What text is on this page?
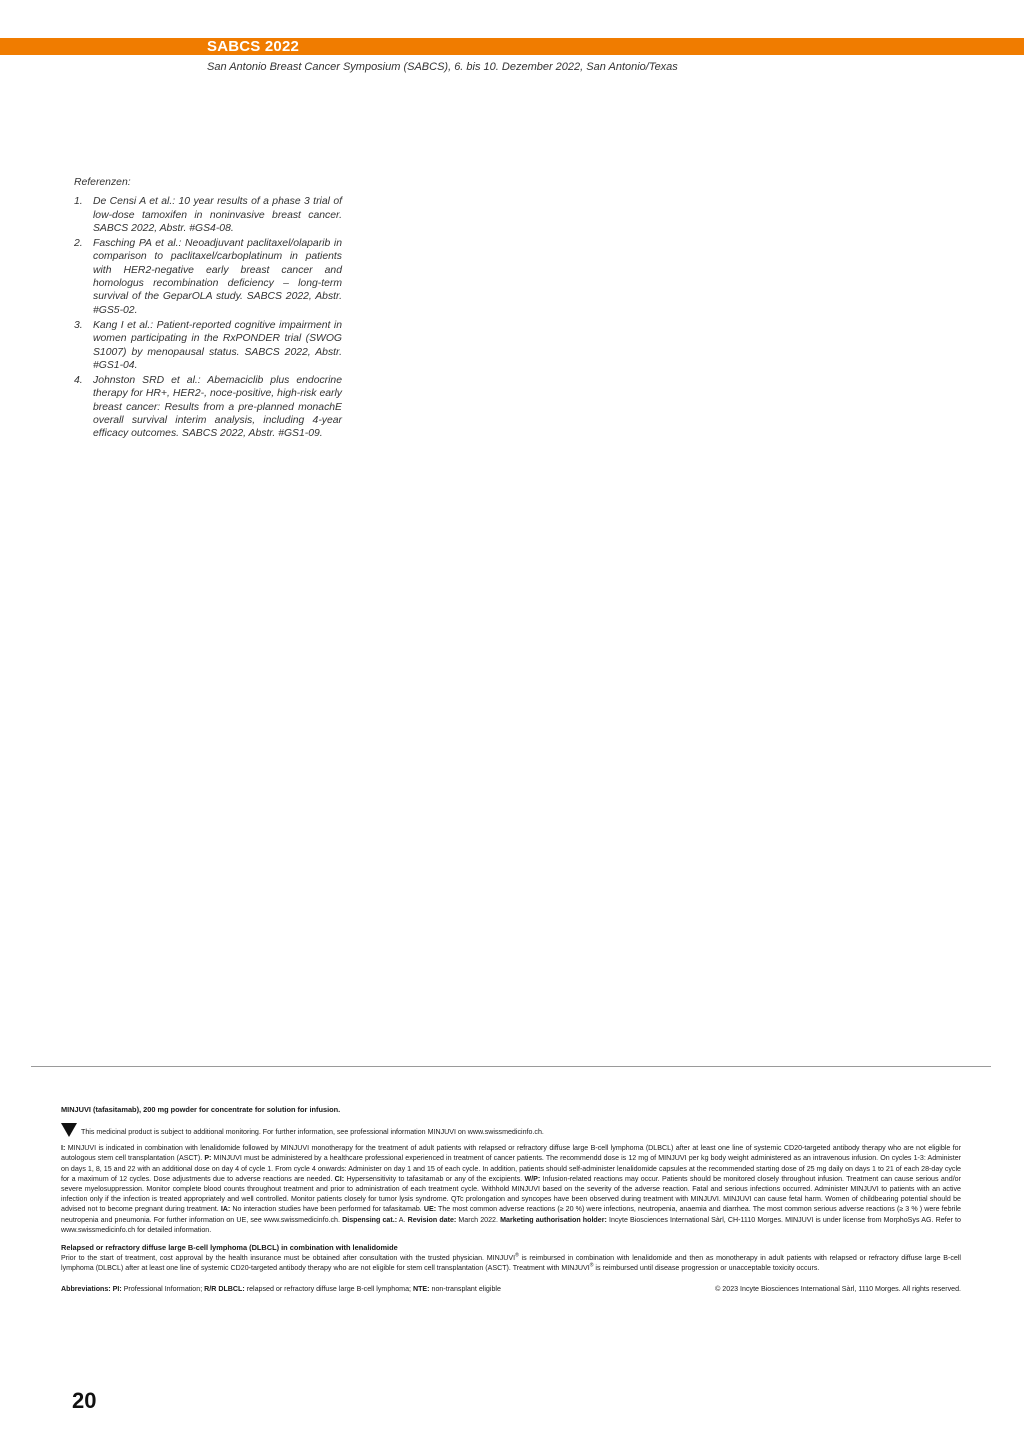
SABCS 2022
San Antonio Breast Cancer Symposium (SABCS), 6. bis 10. Dezember 2022, San Antonio/Texas

Referenzen:

1. De Censi A et al.: 10 year results of a phase 3 trial of low-dose tamoxifen in noninvasive breast cancer. SABCS 2022, Abstr. #GS4-08.
2. Fasching PA et al.: Neoadjuvant paclitaxel/olaparib in comparison to paclitaxel/carboplatinum in patients with HER2-negative early breast cancer and homologus recombination deficiency – long-term survival of the GeparOLA study. SABCS 2022, Abstr. #GS5-02.
3. Kang I et al.: Patient-reported cognitive impairment in women participating in the RxPONDER trial (SWOG S1007) by menopausal status. SABCS 2022, Abstr. #GS1-04.
4. Johnston SRD et al.: Abemaciclib plus endocrine therapy for HR+, HER2-, noce-positive, high-risk early breast cancer: Results from a pre-planned monachE overall survival interim analysis, including 4-year efficacy outcomes. SABCS 2022, Abstr. #GS1-09.

MINJUVI (tafasitamab), 200 mg powder for concentrate for solution for infusion.

This medicinal product is subject to additional monitoring. For further information, see professional information MINJUVI on www.swissmedicinfo.ch.

I: MINJUVI is indicated in combination with lenalidomide followed by MINJUVI monotherapy for the treatment of adult patients with relapsed or refractory diffuse large B-cell lymphoma (DLBCL) after at least one line of systemic CD20-targeted antibody therapy who are not eligible for autologous stem cell transplantation (ASCT). P: MINJUVI must be administered by a healthcare professional experienced in treatment of cancer patients. The recommendd dose is 12 mg of MINJUVI per kg body weight administered as an intravenous infusion. On cycles 1-3: Administer on days 1, 8, 15 and 22 with an additional dose on day 4 of cycle 1. From cycle 4 onwards: Administer on day 1 and 15 of each cycle. In addition, patients should self-administer lenalidomide capsules at the recommended starting dose of 25 mg daily on days 1 to 21 of each 28-day cycle for a maximum of 12 cycles. Dose adjustments due to adverse reactions are needed. CI: Hypersensitivity to tafasitamab or any of the excipients. W/P: Infusion-related reactions may occur. Patients should be monitored closely throughout infusion. Treatment can cause serious and/or severe myelosuppression. Monitor complete blood counts throughout treatment and prior to administration of each treatment cycle. Withhold MINJUVI based on the severity of the adverse reaction. Fatal and serious infections occurred. Administer MINJUVI to patients with an active infection only if the infection is treated appropriately and well controlled. Monitor patients closely for tumor lysis syndrome. QTc prolongation and syncopes have been observed during treatment with MINJUVI. MINJUVI can cause fetal harm. Women of childbearing potential should be advised not to become pregnant during treatment. IA: No interaction studies have been performed for tafasitamab. UE: The most common adverse reactions (≥ 20 %) were infections, neutropenia, anaemia and diarrhea. The most common serious adverse reactions (≥ 3 % ) were febrile neutropenia and pneumonia. For further information on UE, see www.swissmedicinfo.ch. Dispensing cat.: A. Revision date: March 2022. Marketing authorisation holder: Incyte Biosciences International Sàrl, CH-1110 Morges. MINJUVI is under license from MorphoSys AG. Refer to www.swissmedicinfo.ch for detailed information.

Relapsed or refractory diffuse large B-cell lymphoma (DLBCL) in combination with lenalidomide

Prior to the start of treatment, cost approval by the health insurance must be obtained after consultation with the trusted physician. MINJUVI® is reimbursed in combination with lenalidomide and then as monotherapy in adult patients with relapsed or refractory diffuse large B-cell lymphoma (DLBCL) after at least one line of systemic CD20-targeted antibody therapy who are not eligible for stem cell transplantation (ASCT). Treatment with MINJUVI® is reimbursed until disease progression or unacceptable toxicity occurs.

Abbreviations: PI: Professional Information; R/R DLBCL: relapsed or refractory diffuse large B-cell lymphoma; NTE: non-transplant eligible	© 2023 Incyte Biosciences International Sàrl, 1110 Morges. All rights reserved.
20
